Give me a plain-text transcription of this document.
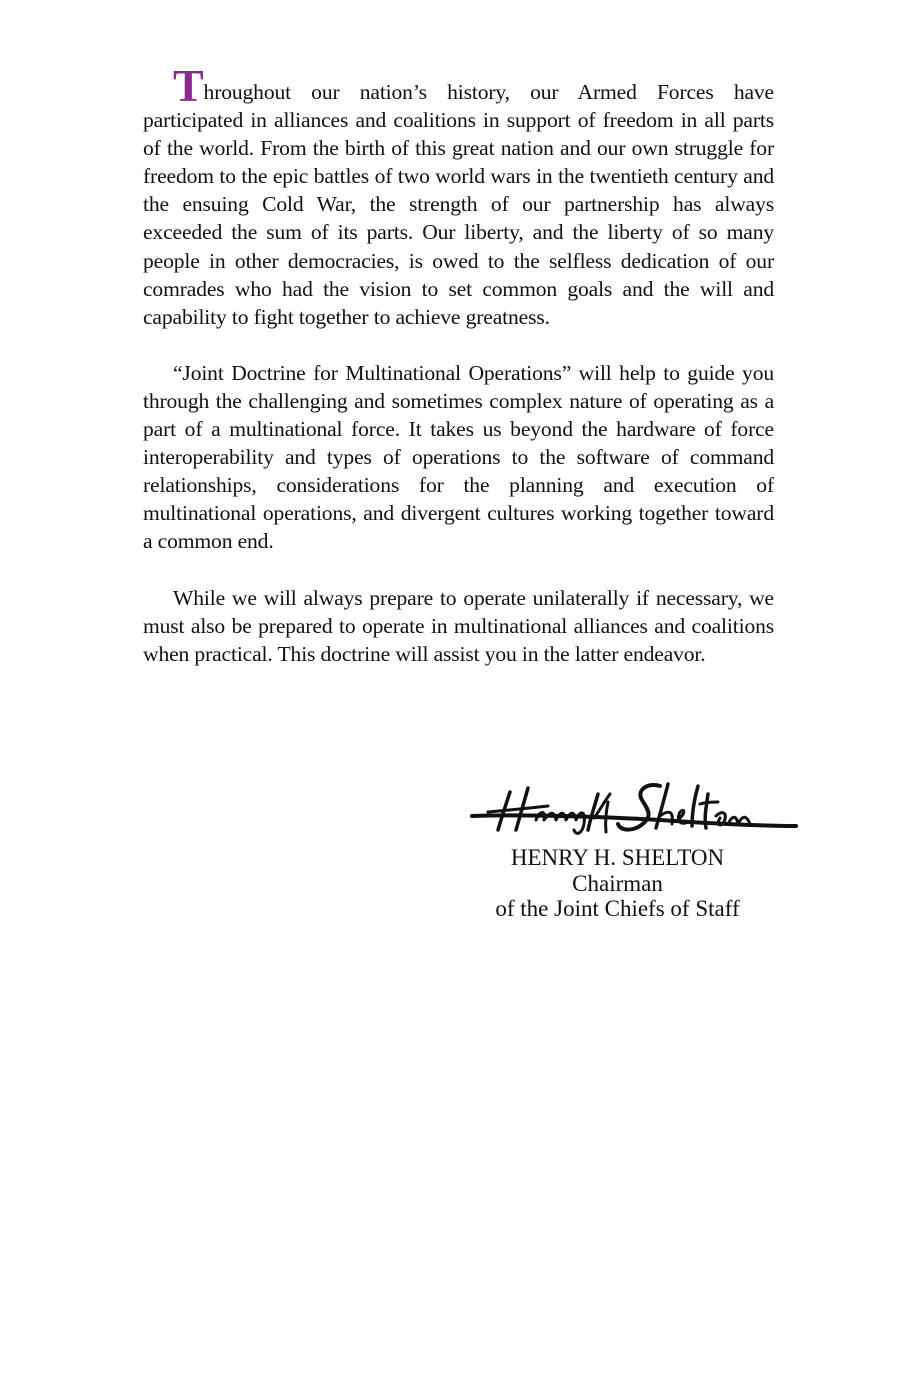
Throughout our nation’s history, our Armed Forces have participated in alliances and coalitions in support of freedom in all parts of the world. From the birth of this great nation and our own struggle for freedom to the epic battles of two world wars in the twentieth century and the ensuing Cold War, the strength of our partnership has always exceeded the sum of its parts. Our liberty, and the liberty of so many people in other democracies, is owed to the selfless dedication of our comrades who had the vision to set common goals and the will and capability to fight together to achieve greatness.

“Joint Doctrine for Multinational Operations” will help to guide you through the challenging and sometimes complex nature of operating as a part of a multinational force. It takes us beyond the hardware of force interoperability and types of operations to the software of command relationships, considerations for the planning and execution of multinational operations, and divergent cultures working together toward a common end.

While we will always prepare to operate unilaterally if necessary, we must also be prepared to operate in multinational alliances and coalitions when practical. This doctrine will assist you in the latter endeavor.

HENRY H. SHELTON
Chairman
of the Joint Chiefs of Staff
